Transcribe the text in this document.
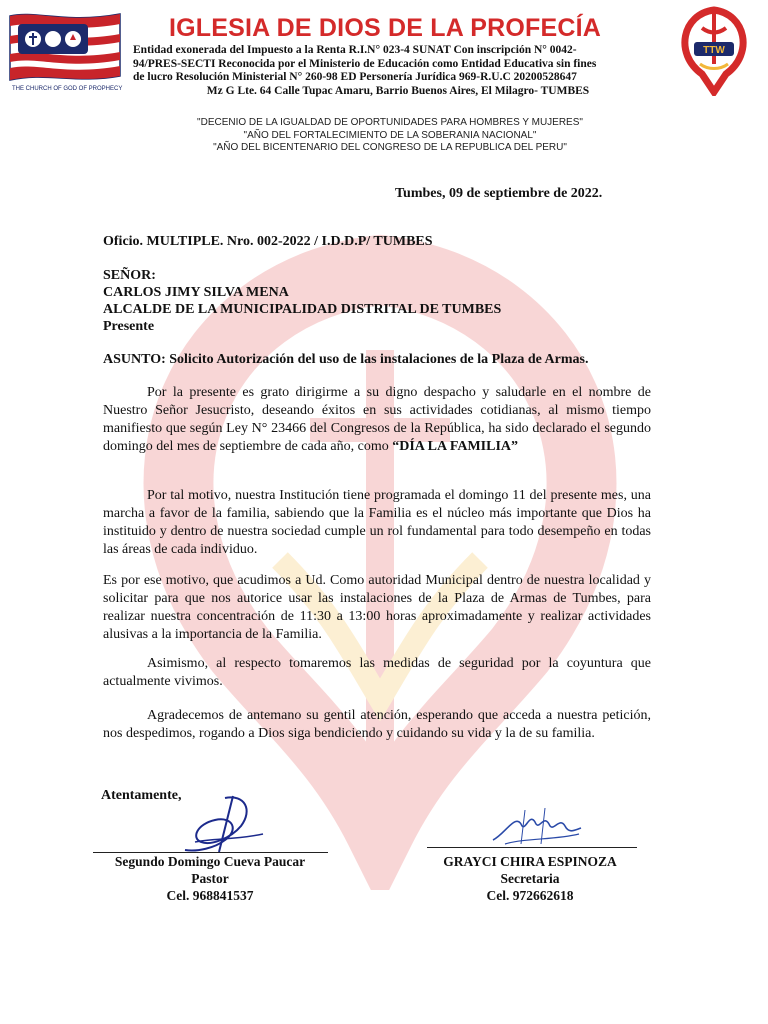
THE CHURCH OF GOD OF PROPHECY
TTW
IGLESIA DE DIOS DE LA PROFECÍA
Entidad exonerada del Impuesto a la Renta R.I.N° 023-4 SUNAT Con inscripción N° 0042-
94/PRES-SECTI Reconocida por el Ministerio de Educación como Entidad Educativa sin fines
de lucro Resolución Ministerial N° 260-98 ED Personería Jurídica 969-R.U.C 20200528647
Mz G Lte. 64 Calle Tupac Amaru, Barrio Buenos Aires, El Milagro- TUMBES
"DECENIO DE LA IGUALDAD DE OPORTUNIDADES PARA HOMBRES Y MUJERES"
"AÑO DEL FORTALECIMIENTO DE LA SOBERANIA NACIONAL"
"AÑO DEL BICENTENARIO DEL CONGRESO DE LA REPUBLICA DEL PERU"
Tumbes, 09 de septiembre de 2022.
Oficio. MULTIPLE. Nro. 002-2022 / I.D.D.P/ TUMBES
SEÑOR:
CARLOS JIMY SILVA MENA
ALCALDE DE LA MUNICIPALIDAD DISTRITAL DE TUMBES
Presente
ASUNTO: Solicito Autorización del uso de las instalaciones de la Plaza de Armas.
Por la presente es grato dirigirme a su digno despacho y saludarle en el nombre de Nuestro Señor Jesucristo, deseando éxitos en sus actividades cotidianas, al mismo tiempo manifiesto que según Ley N° 23466 del Congresos de la República, ha sido declarado el segundo domingo del mes de septiembre de cada año, como “DÍA LA FAMILIA”
Por tal motivo, nuestra Institución tiene programada el domingo 11 del presente mes, una marcha a favor de la familia, sabiendo que la Familia es el núcleo más importante que Dios ha instituido y dentro de nuestra sociedad cumple un rol fundamental para todo desempeño en todas las áreas de cada individuo.
Es por ese motivo, que acudimos a Ud. Como autoridad Municipal dentro de nuestra localidad y solicitar para que nos autorice usar las instalaciones de la Plaza de Armas de Tumbes, para realizar nuestra concentración de 11:30 a 13:00 horas aproximadamente y realizar actividades alusivas a la importancia de la Familia.
Asimismo, al respecto tomaremos las medidas de seguridad por la coyuntura que actualmente vivimos.
Agradecemos de antemano su gentil atención, esperando que acceda a nuestra petición, nos despedimos, rogando a Dios siga bendiciendo y cuidando su vida y la de su familia.
Atentamente,
Segundo Domingo Cueva Paucar
Pastor
Cel. 968841537
GRAYCI CHIRA ESPINOZA
Secretaria
Cel. 972662618
